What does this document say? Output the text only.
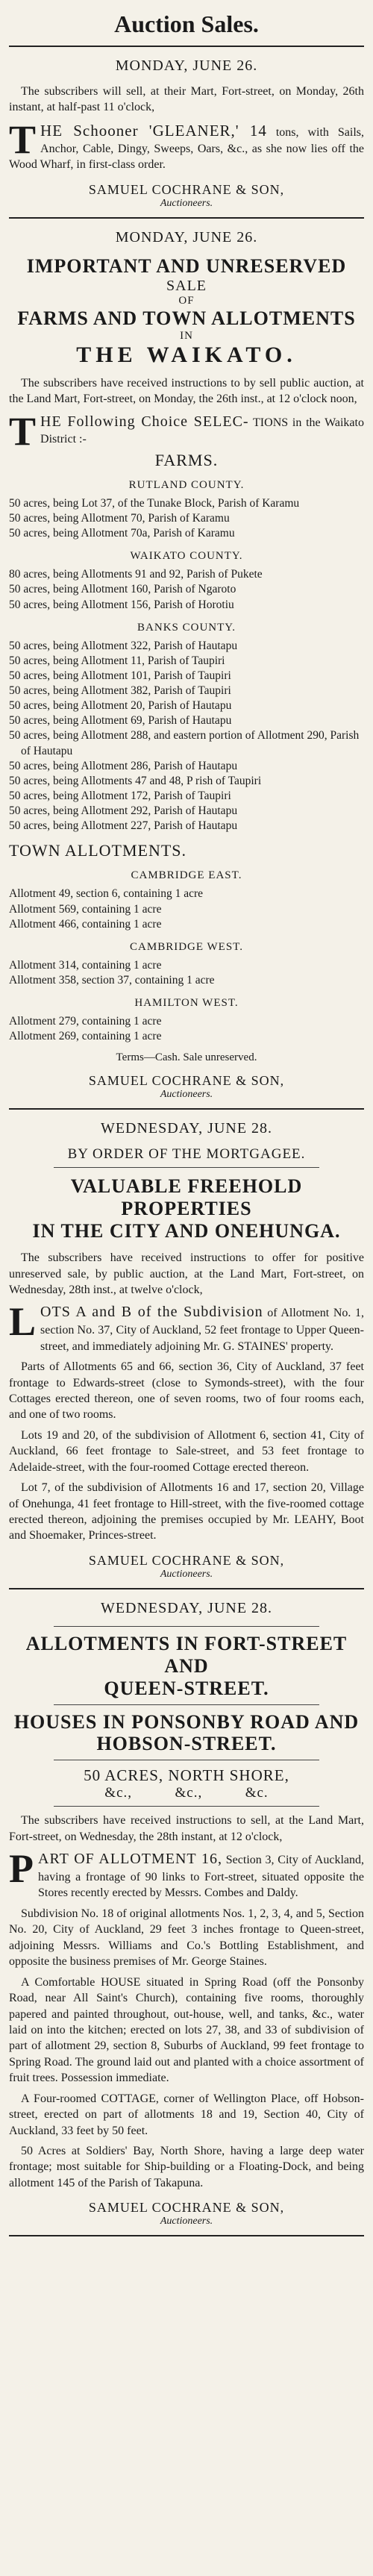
Auction Sales.
MONDAY, JUNE 26.

The subscribers will sell, at their Mart, Fort-street, on Monday, 26th instant, at half-past 11 o'clock,

T HE Schooner 'GLEANER,' 14 tons, with Sails, Anchor, Cable, Dingy, Sweeps, Oars, &c., as she now lies off the Wood Wharf, in first-class order.
SAMUEL COCHRANE & SON,
Auctioneers.
MONDAY, JUNE 26.
IMPORTANT AND UNRESERVED
SALE
OF
FARMS AND TOWN ALLOTMENTS
IN
THE WAIKATO.

The subscribers have received instructions to by sell public auction, at the Land Mart, Fort-street, on Monday, the 26th inst., at 12 o'clock noon,

T HE Following Choice SELEC- TIONS in the Waikato District :-
FARMS.
RUTLAND COUNTY.

50 acres, being Lot 37, of the Tunake Block, Parish of Karamu

50 acres, being Allotment 70, Parish of Karamu

50 acres, being Allotment 70a, Parish of Karamu

WAIKATO COUNTY.

80 acres, being Allotments 91 and 92, Parish of Pukete

50 acres, being Allotment 160, Parish of Ngaroto

50 acres, being Allotment 156, Parish of Horotiu

BANKS COUNTY.

50 acres, being Allotment 322, Parish of Hautapu

50 acres, being Allotment 11, Parish of Taupiri

50 acres, being Allotment 101, Parish of Taupiri

50 acres, being Allotment 382, Parish of Taupiri

50 acres, being Allotment 20, Parish of Hautapu

50 acres, being Allotment 69, Parish of Hautapu

50 acres, being Allotment 288, and eastern portion of Allotment 290, Parish of Hautapu

50 acres, being Allotment 286, Parish of Hautapu

50 acres, being Allotments 47 and 48, P rish of Taupiri

50 acres, being Allotment 172, Parish of Taupiri

50 acres, being Allotment 292, Parish of Hautapu

50 acres, being Allotment 227, Parish of Hautapu

TOWN ALLOTMENTS.
CAMBRIDGE EAST.

Allotment 49, section 6, containing 1 acre

Allotment 569, containing 1 acre

Allotment 466, containing 1 acre

CAMBRIDGE WEST.

Allotment 314, containing 1 acre

Allotment 358, section 37, containing 1 acre

HAMILTON WEST.

Allotment 279, containing 1 acre

Allotment 269, containing 1 acre

Terms—Cash. Sale unreserved.
SAMUEL COCHRANE & SON,
Auctioneers.
WEDNESDAY, JUNE 28.
BY ORDER OF THE MORTGAGEE.
VALUABLE FREEHOLD PROPERTIES
IN THE CITY AND ONEHUNGA.

The subscribers have received instructions to offer for positive unreserved sale, by public auction, at the Land Mart, Fort-street, on Wednesday, 28th inst., at twelve o'clock,

L OTS A and B of the Subdivision of Allotment No. 1, section No. 37, City of Auckland, 52 feet frontage to Upper Queen-street, and immediately adjoining Mr. G. STAINES' property.

Parts of Allotments 65 and 66, section 36, City of Auckland, 37 feet frontage to Edwards-street (close to Symonds-street), with the four Cottages erected thereon, one of seven rooms, two of four rooms each, and one of two rooms.

Lots 19 and 20, of the subdivision of Allotment 6, section 41, City of Auckland, 66 feet frontage to Sale-street, and 53 feet frontage to Adelaide-street, with the four-roomed Cottage erected thereon.

Lot 7, of the subdivision of Allotments 16 and 17, section 20, Village of Onehunga, 41 feet frontage to Hill-street, with the five-roomed cottage erected thereon, adjoining the premises occupied by Mr. LEAHY, Boot and Shoemaker, Princes-street.

SAMUEL COCHRANE & SON,
Auctioneers.
WEDNESDAY, JUNE 28.
ALLOTMENTS IN FORT-STREET AND
QUEEN-STREET.
HOUSES IN PONSONBY ROAD AND
HOBSON-STREET.
50 ACRES, NORTH SHORE,
&c.,          &c.,          &c.

The subscribers have received instructions to sell, at the Land Mart, Fort-street, on Wednesday, the 28th instant, at 12 o'clock,

P ART OF ALLOTMENT 16, Section 3, City of Auckland, having a frontage of 90 links to Fort-street, situated opposite the Stores recently erected by Messrs. Combes and Daldy.

Subdivision No. 18 of original allotments Nos. 1, 2, 3, 4, and 5, Section No. 20, City of Auckland, 29 feet 3 inches frontage to Queen-street, adjoining Messrs. Williams and Co.'s Bottling Establishment, and opposite the business premises of Mr. George Staines.

A Comfortable HOUSE situated in Spring Road (off the Ponsonby Road, near All Saint's Church), containing five rooms, thoroughly papered and painted throughout, out-house, well, and tanks, &c., water laid on into the kitchen; erected on lots 27, 38, and 33 of subdivision of part of allotment 29, section 8, Suburbs of Auckland, 99 feet frontage to Spring Road. The ground laid out and planted with a choice assortment of fruit trees. Possession immediate.

A Four-roomed COTTAGE, corner of Wellington Place, off Hobson-street, erected on part of allotments 18 and 19, Section 40, City of Auckland, 33 feet by 50 feet.

50 Acres at Soldiers' Bay, North Shore, having a large deep water frontage; most suitable for Ship-building or a Floating-Dock, and being allotment 145 of the Parish of Takapuna.

SAMUEL COCHRANE & SON,
Auctioneers.
